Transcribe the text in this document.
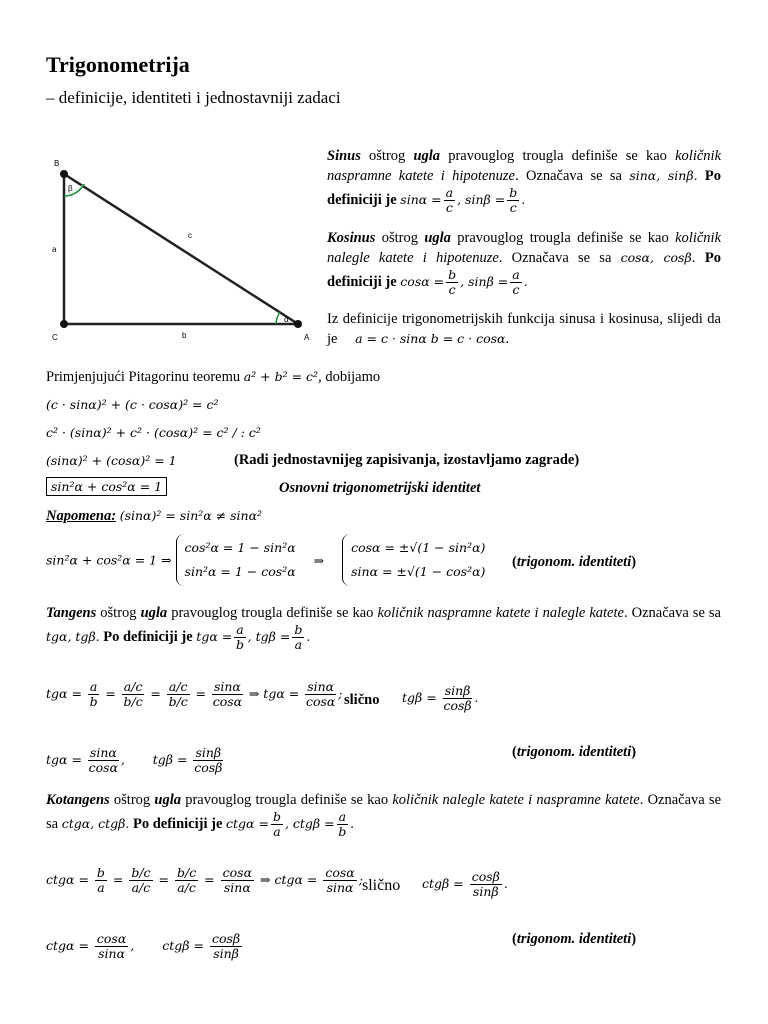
Trigonometrija
– definicije, identiteti i jednostavniji zadaci
B
C	A
a
b
c
β
α
Sinus oštrog ugla pravouglog trougla definiše se kao količnik naspramne katete i hipotenuze. Označava se sa sinα, sinβ. Po definiciji je $\sin\alpha = \frac{a}{c}$ , $\sin\beta = \frac{b}{c}$ .
Kosinus oštrog ugla pravouglog trougla definiše se kao količnik nalegle katete i hipotenuze. Označava se sa cosα, cosβ. Po definiciji je $\cos\alpha = \frac{b}{c}$ , $\sin\beta = \frac{a}{c}$ .
Iz definicije trigonometrijskih funkcija sinusa i kosinusa, slijedi da je a = c · sinα b = c · cosα.
Primjenjujući Pitagorinu teoremu a² + b² = c², dobijamo
(c · sinα)² + (c · cosα)² = c²
c² · (sinα)² + c² · (cosα)² = c² / : c²
(sinα)² + (cosα)² = 1	(Radi jednostavnijeg zapisivanja, izostavljamo zagrade)
sin²α + cos²α = 1	Osnovni trigonometrijski identitet
Napomena: (sinα)² = sin²α ≠ sinα²
sin²α + cos²α = 1 ⇒
cos²α = 1 − sin²α
sin²α = 1 − cos²α
⇒
cosα = ±√(1 − sin²α)
sinα = ±√(1 − cos²α)
(trigonom. identiteti)
Tangens oštrog ugla pravouglog trougla definiše se kao količnik naspramne katete i nalegle katete. Označava se sa tgα, tgβ. Po definiciji je $tg\alpha = \frac{a}{b}$ , $tg\beta = \frac{b}{a}$ .
$tg\alpha = \frac{a}{b} = \frac{a/c}{b/c} = \frac{a/c}{b/c} = \frac{\sin\alpha}{\cos\alpha}$ ⇒ $tg\alpha = \frac{\sin\alpha}{\cos\alpha}$ ; slično $tg\beta = \frac{\sin\beta}{\cos\beta}$ .
$tg\alpha = \frac{\sin\alpha}{\cos\alpha}$ , $tg\beta = \frac{\sin\beta}{\cos\beta}$	(trigonom. identiteti)
Kotangens oštrog ugla pravouglog trougla definiše se kao količnik nalegle katete i naspramne katete. Označava se sa ctgα, ctgβ. Po definiciji je $ctg\alpha = \frac{b}{a}$ , $ctg\beta = \frac{a}{b}$ .
$ctg\alpha = \frac{b}{a} = \frac{b/c}{a/c} = \frac{b/c}{a/c} = \frac{\cos\alpha}{\sin\alpha}$ ⇒ $ctg\alpha = \frac{\cos\alpha}{\sin\alpha}$ ; slično $ctg\beta = \frac{\cos\beta}{\sin\beta}$ .
$ctg\alpha = \frac{\cos\alpha}{\sin\alpha}$ , $ctg\beta = \frac{\cos\beta}{\sin\beta}$	(trigonom. identiteti)
